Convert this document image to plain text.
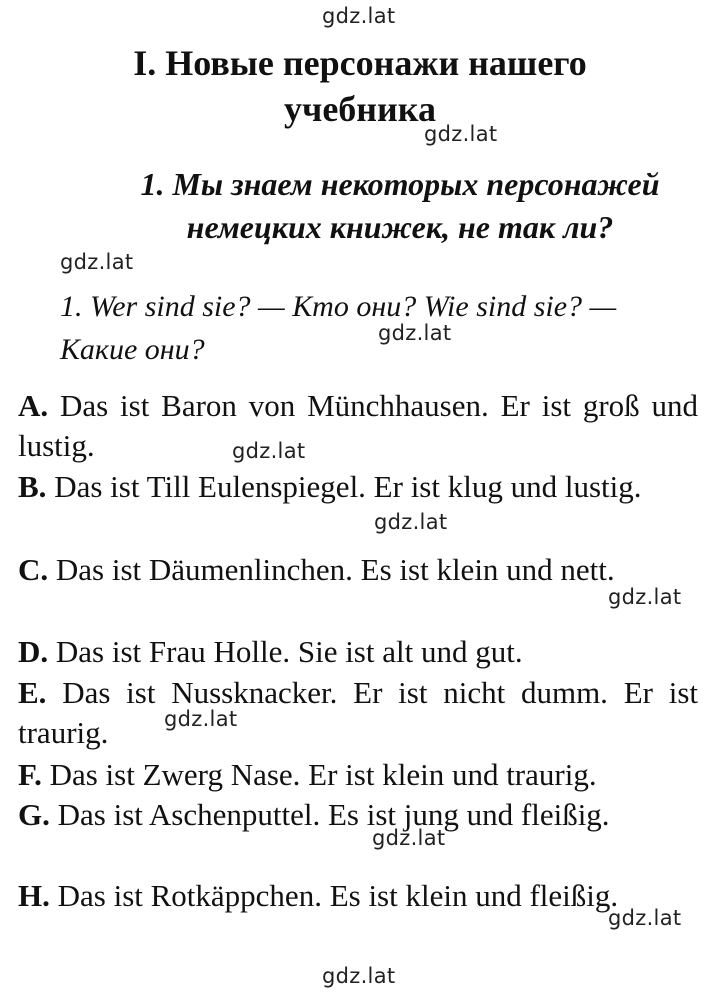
gdz.lat
I. Новые персонажи нашего
учебника
gdz.lat
1. Мы знаем некоторых персонажей
немецких книжек, не так ли?
gdz.lat

1. Wer sind sie? — Кто они? Wie sind sie? —
Какие они?	gdz.lat

A. Das ist Baron von Münchhausen. Er ist groß und lustig.	gdz.lat

B. Das ist Till Eulenspiegel. Er ist klug und lustig.

gdz.lat

C. Das ist Däumenlinchen. Es ist klein und nett.

gdz.lat

D. Das ist Frau Holle. Sie ist alt und gut.

E. Das ist Nussknacker. Er ist nicht dumm. Er ist traurig.	gdz.lat

F. Das ist Zwerg Nase. Er ist klein und traurig.

G. Das ist Aschenputtel. Es ist jung und fleißig.

gdz.lat

H. Das ist Rotkäppchen. Es ist klein und fleißig.

gdz.lat
gdz.lat
